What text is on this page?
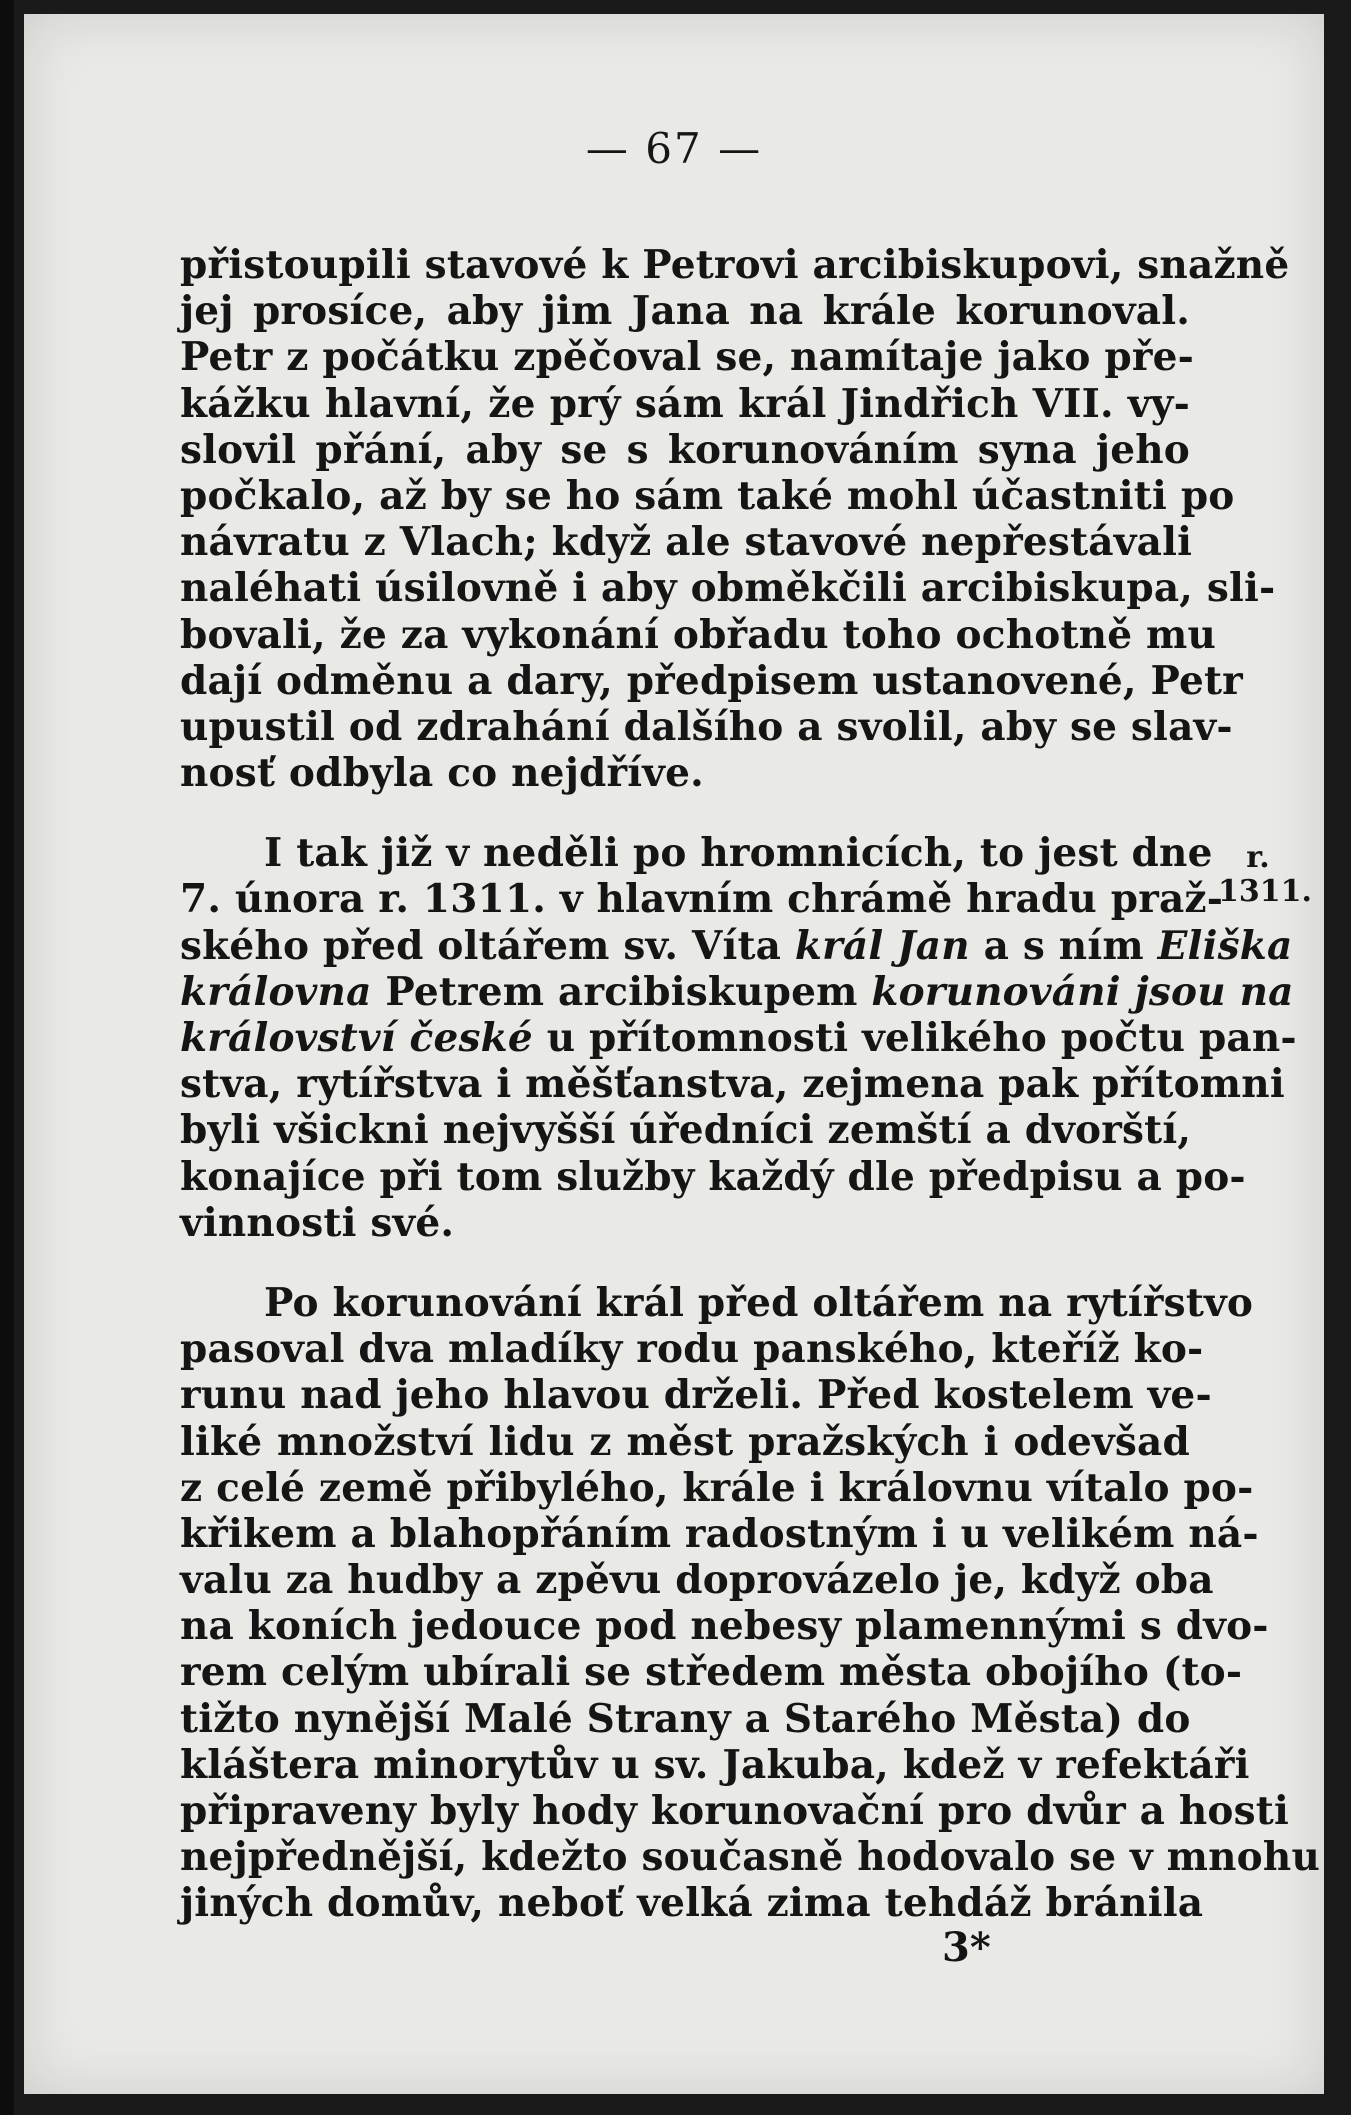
— 67 —
přistoupili stavové k Petrovi arcibiskupovi, snažně
jej prosíce, aby jim Jana na krále korunoval.
Petr z počátku zpěčoval se, namítaje jako pře-
kážku hlavní, že prý sám král Jindřich VII. vy-
slovil přání, aby se s korunováním syna jeho
počkalo, až by se ho sám také mohl účastniti po
návratu z Vlach; když ale stavové nepřestávali
naléhati úsilovně i aby obměkčili arcibiskupa, sli-
bovali, že za vykonání obřadu toho ochotně mu
dají odměnu a dary, předpisem ustanovené, Petr
upustil od zdrahání dalšího a svolil, aby se slav-
nosť odbyla co nejdříve.
I tak již v neděli po hromnicích, to jest dne
7. února r. 1311. v hlavním chrámě hradu praž-
ského před oltářem sv. Víta král Jan a s ním Eliška
královna Petrem arcibiskupem korunováni jsou na
království české u přítomnosti velikého počtu pan-
stva, rytířstva i měšťanstva, zejmena pak přítomni
byli všickni nejvyšší úředníci zemští a dvorští,
konajíce při tom služby každý dle předpisu a po-
vinnosti své.
Po korunování král před oltářem na rytířstvo
pasoval dva mladíky rodu panského, kteříž ko-
runu nad jeho hlavou drželi. Před kostelem ve-
liké množství lidu z měst pražských i odevšad
z celé země přibylého, krále i královnu vítalo po-
křikem a blahopřáním radostným i u velikém ná-
valu za hudby a zpěvu doprovázelo je, když oba
na koních jedouce pod nebesy plamennými s dvo-
rem celým ubírali se středem města obojího (to-
tižto nynější Malé Strany a Starého Města) do
kláštera minorytův u sv. Jakuba, kdež v refektáři
připraveny byly hody korunovační pro dvůr a hosti
nejpřednější, kdežto současně hodovalo se v mnohu
jiných domův, neboť velká zima tehdáž bránila
r.
1311.
3*
